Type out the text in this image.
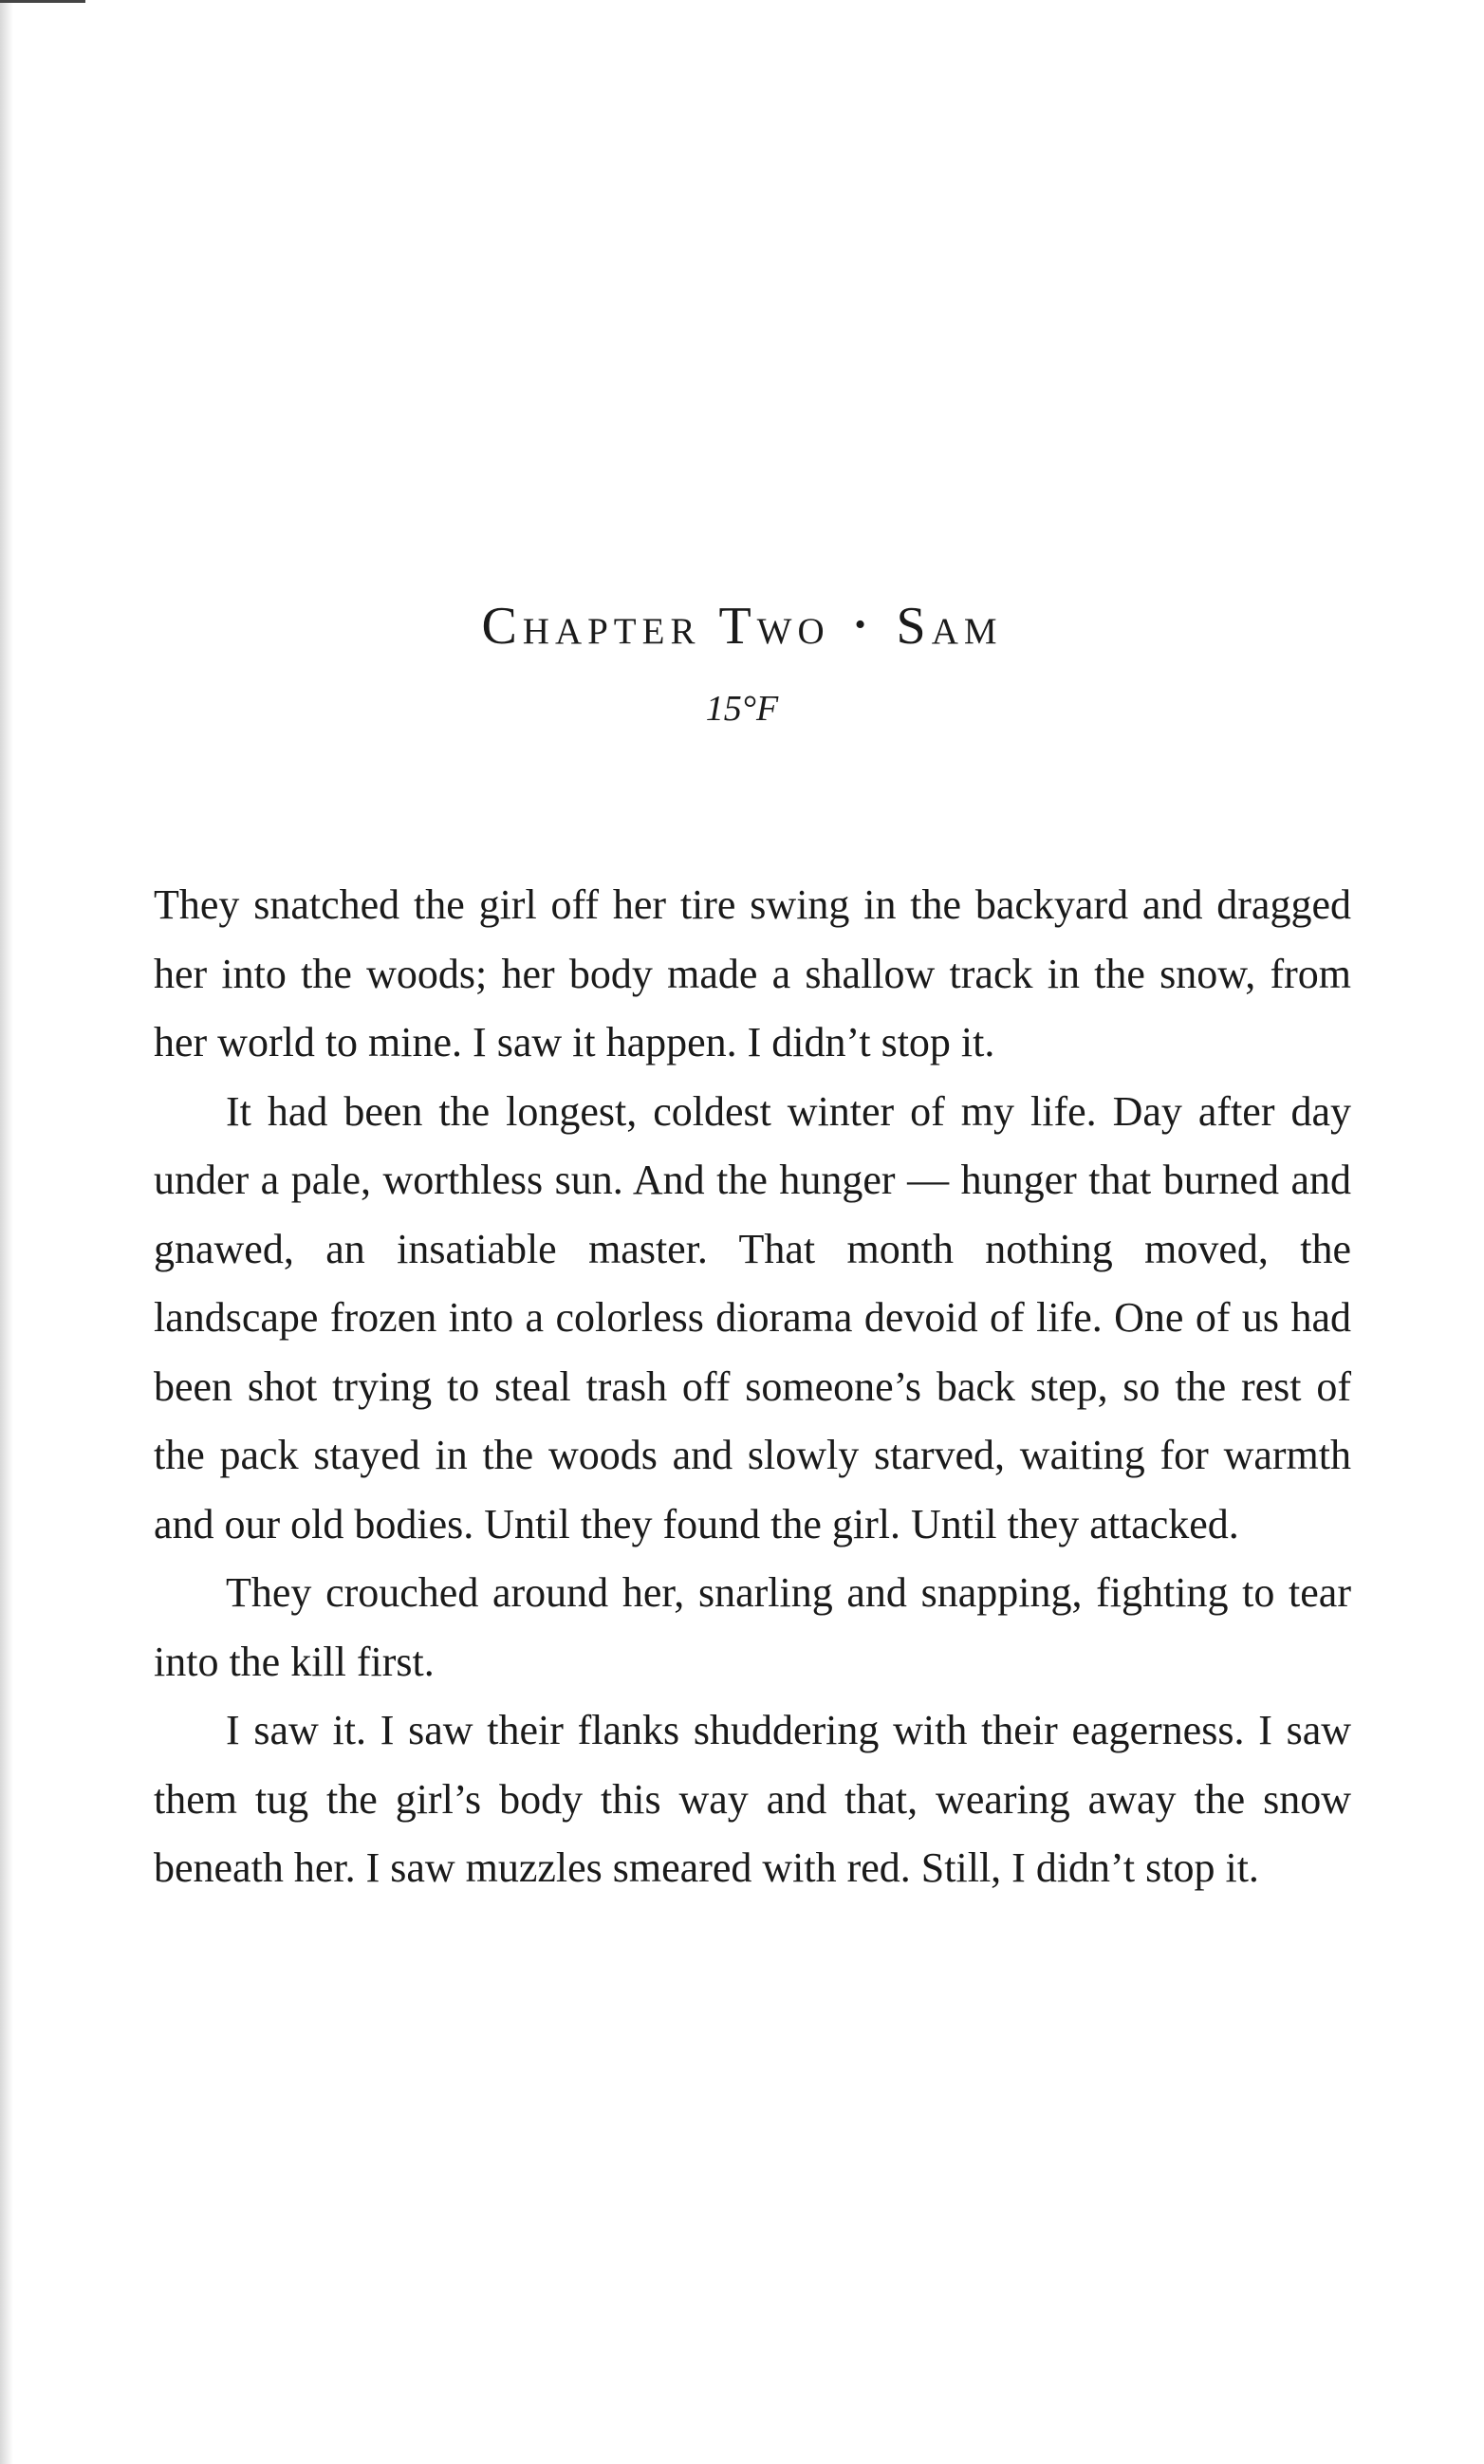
Chapter Two • Sam
15°F

They snatched the girl off her tire swing in the backyard and dragged her into the woods; her body made a shallow track in the snow, from her world to mine. I saw it happen. I didn’t stop it.

It had been the longest, coldest winter of my life. Day after day under a pale, worthless sun. And the hunger — hunger that burned and gnawed, an insatiable master. That month nothing moved, the landscape frozen into a colorless diorama devoid of life. One of us had been shot trying to steal trash off someone’s back step, so the rest of the pack stayed in the woods and slowly starved, waiting for warmth and our old bodies. Until they found the girl. Until they attacked.

They crouched around her, snarling and snapping, fighting to tear into the kill first.

I saw it. I saw their flanks shuddering with their eagerness. I saw them tug the girl’s body this way and that, wearing away the snow beneath her. I saw muzzles smeared with red. Still, I didn’t stop it.
